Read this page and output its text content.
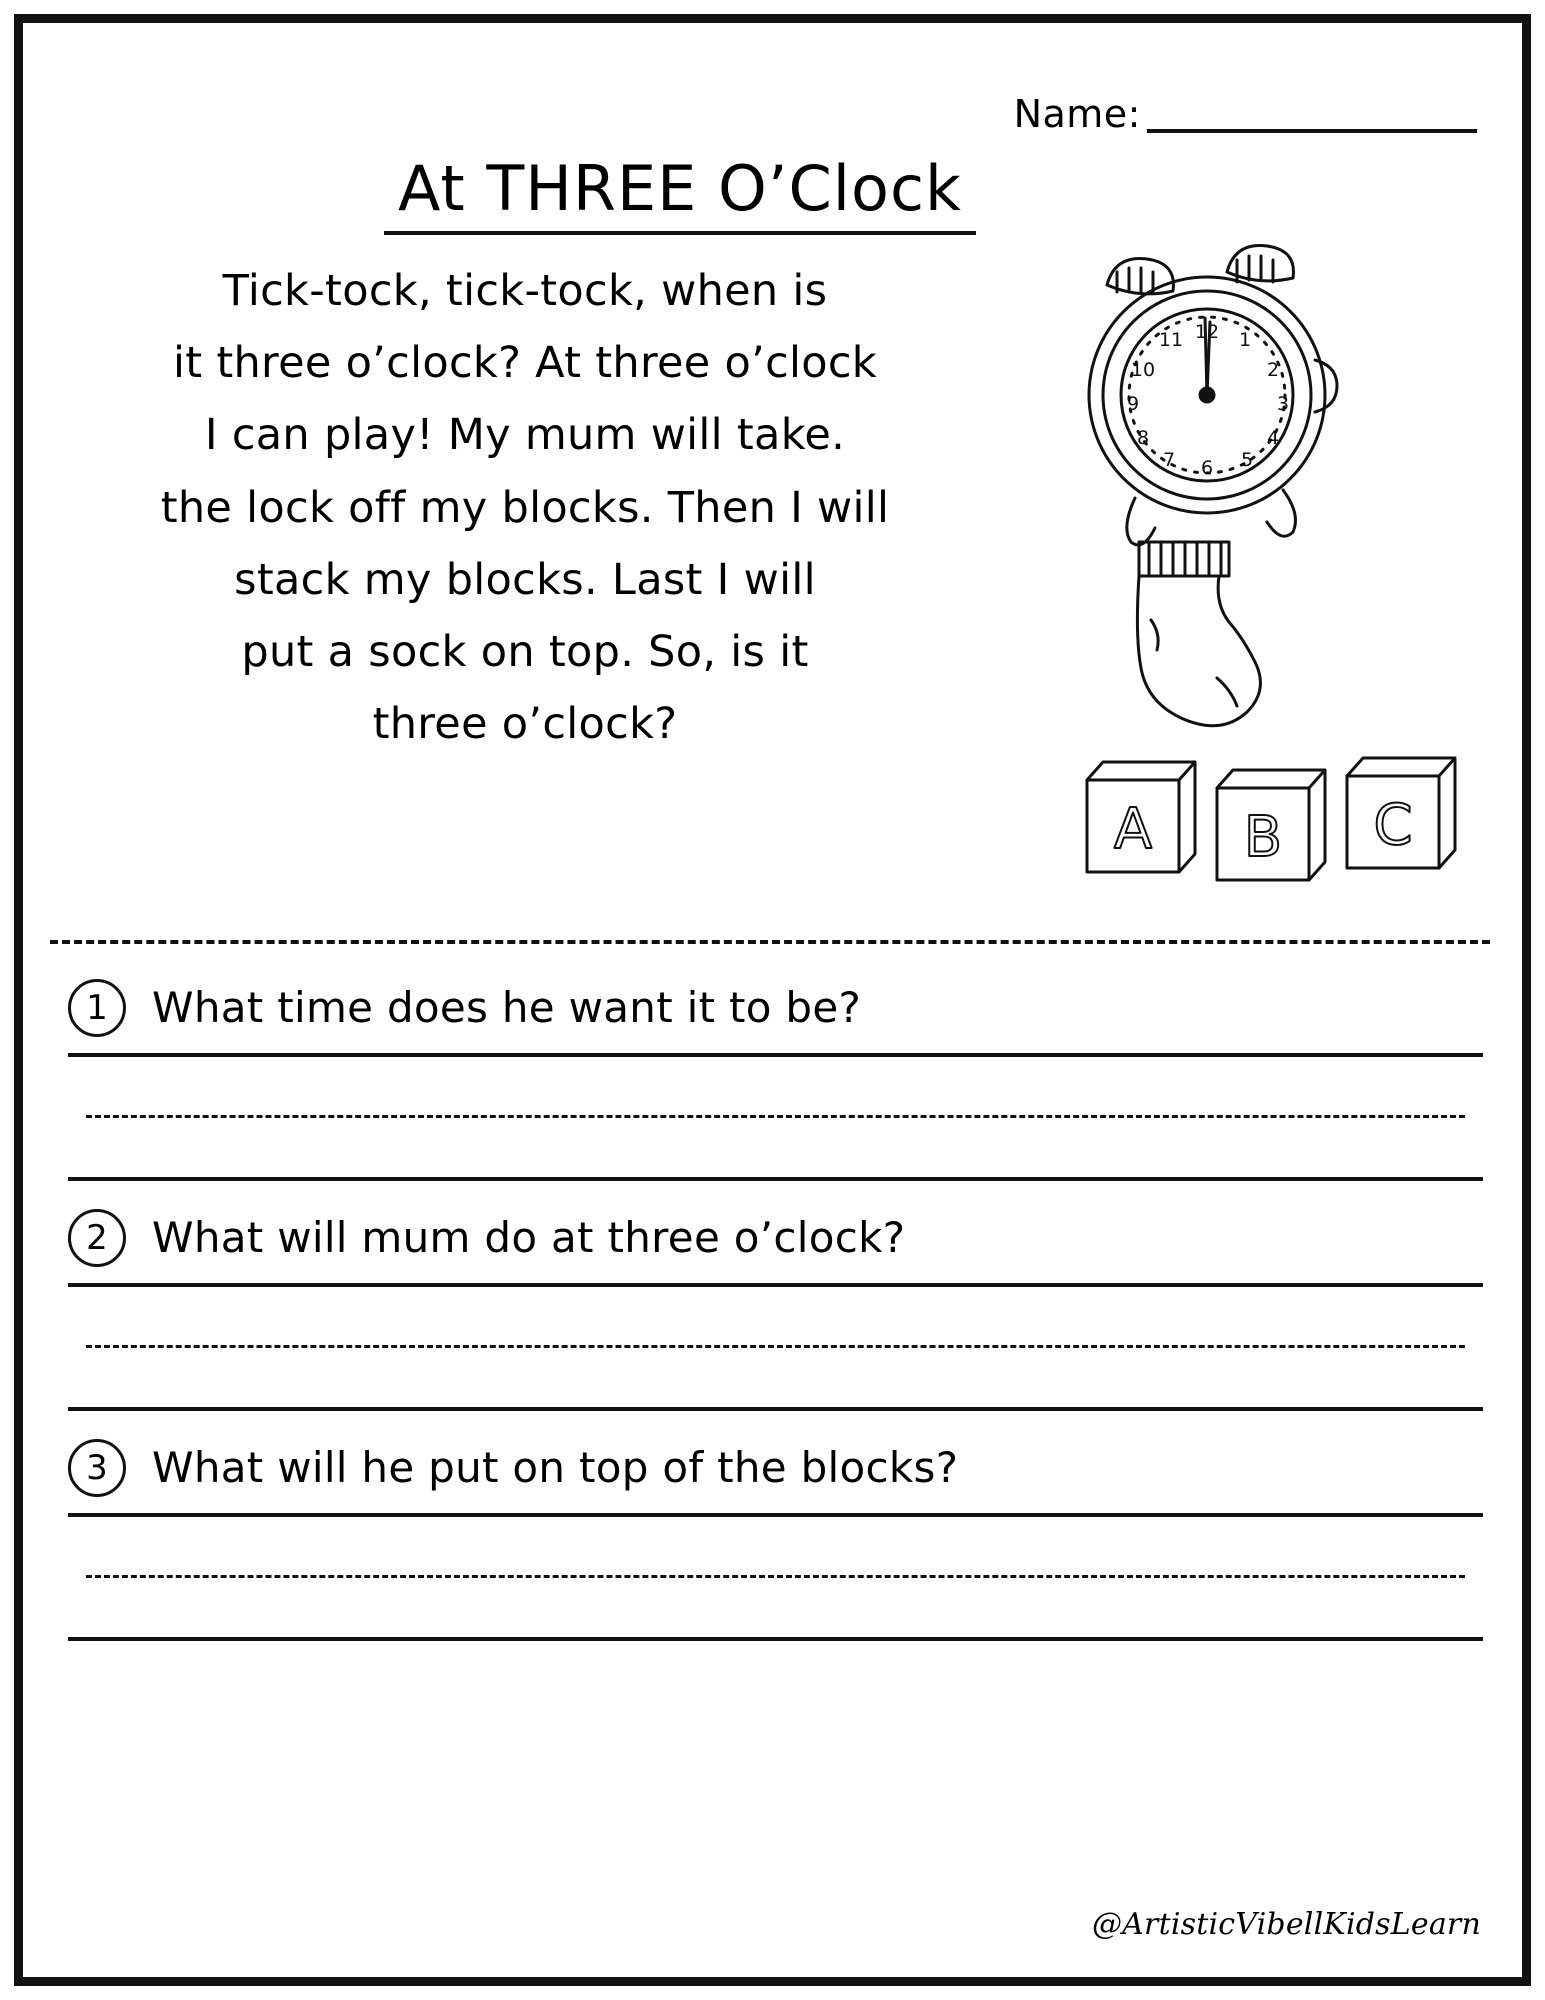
Name:
At THREE O’Clock
Tick-tock, tick-tock, when is
it three o’clock? At three o’clock
I can play! My mum will take.
the lock off my blocks. Then I will
stack my blocks. Last I will
put a sock on top. So, is it
three o’clock?
12 1
2
3
4
5
6
7
8
9
10
11
A B C
1	What time does he want it to be?
2	What will mum do at three o’clock?
3	What will he put on top of the blocks?
@ArtisticVibellKidsLearn
